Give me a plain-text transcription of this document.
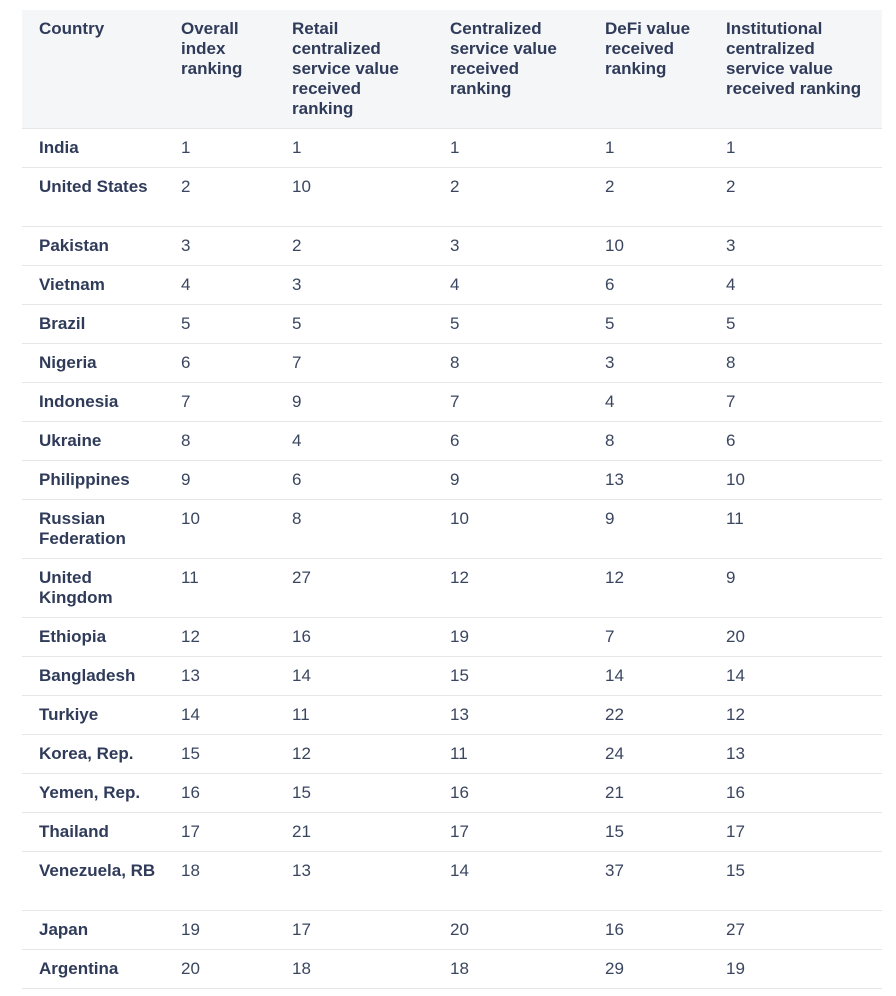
Country	Overall index ranking	Retail centralized service value received ranking	Centralized service value received ranking	DeFi value received ranking	Institutional centralized service value received ranking
India	1	1	1	1	1
United States	2	10	2	2	2
Pakistan	3	2	3	10	3
Vietnam	4	3	4	6	4
Brazil	5	5	5	5	5
Nigeria	6	7	8	3	8
Indonesia	7	9	7	4	7
Ukraine	8	4	6	8	6
Philippines	9	6	9	13	10
Russian Federation	10	8	10	9	11
United Kingdom	11	27	12	12	9
Ethiopia	12	16	19	7	20
Bangladesh	13	14	15	14	14
Turkiye	14	11	13	22	12
Korea, Rep.	15	12	11	24	13
Yemen, Rep.	16	15	16	21	16
Thailand	17	21	17	15	17
Venezuela, RB	18	13	14	37	15
Japan	19	17	20	16	27
Argentina	20	18	18	29	19
